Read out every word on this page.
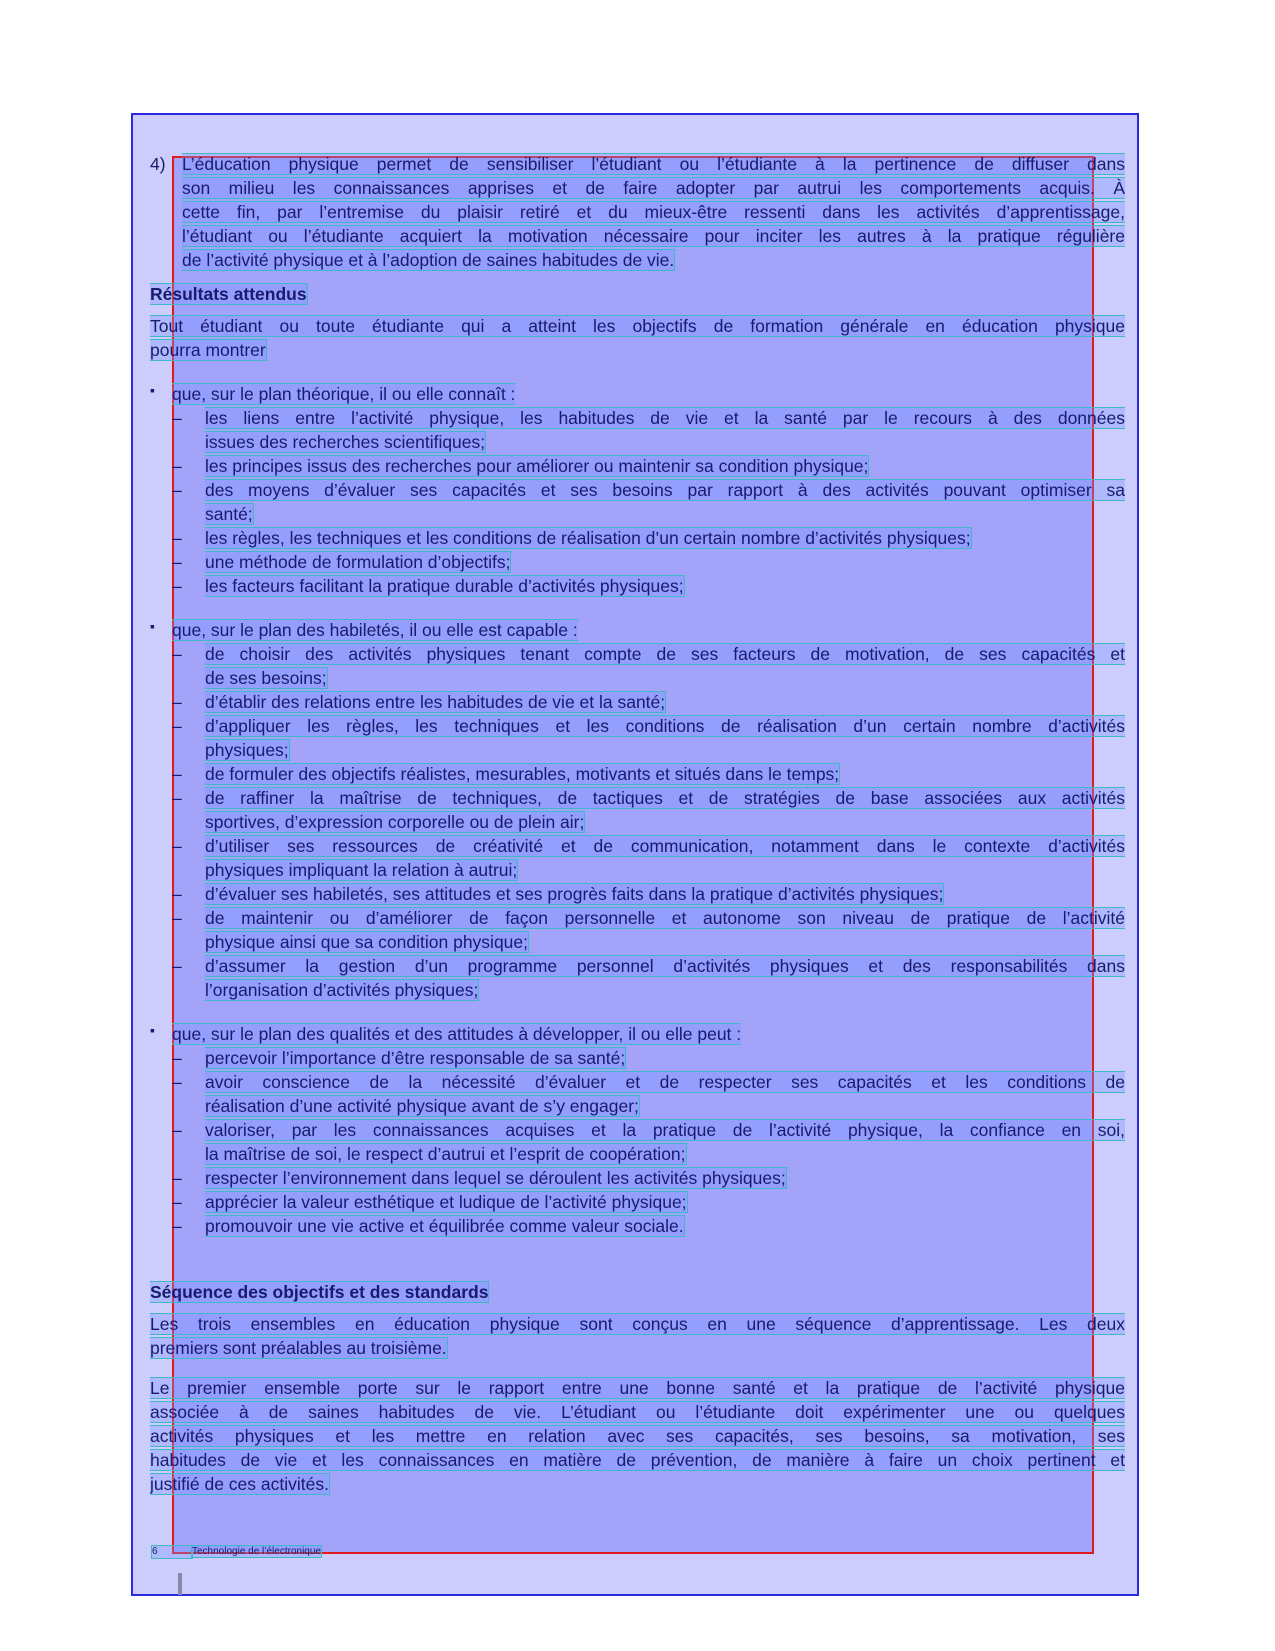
4) L’éducation physique permet de sensibiliser l’étudiant ou l’étudiante à la pertinence de diffuser dans
son milieu les connaissances apprises et de faire adopter par autrui les comportements acquis. À
cette fin, par l’entremise du plaisir retiré et du mieux-être ressenti dans les activités d’apprentissage,
l’étudiant ou l’étudiante acquiert la motivation nécessaire pour inciter les autres à la pratique régulière
de l’activité physique et à l’adoption de saines habitudes de vie.
Résultats attendus
Tout étudiant ou toute étudiante qui a atteint les objectifs de formation générale en éducation physique
pourra montrer
▪ que, sur le plan théorique, il ou elle connaît :
–	les liens entre l’activité physique, les habitudes de vie et la santé par le recours à des données
issues des recherches scientifiques;
–	les principes issus des recherches pour améliorer ou maintenir sa condition physique;
–	des moyens d’évaluer ses capacités et ses besoins par rapport à des activités pouvant optimiser sa
santé;
–	les règles, les techniques et les conditions de réalisation d’un certain nombre d’activités physiques;
–	une méthode de formulation d’objectifs;
–	les facteurs facilitant la pratique durable d’activités physiques;
▪ que, sur le plan des habiletés, il ou elle est capable :
–	de choisir des activités physiques tenant compte de ses facteurs de motivation, de ses capacités et
de ses besoins;
–	d’établir des relations entre les habitudes de vie et la santé;
–	d’appliquer les règles, les techniques et les conditions de réalisation d’un certain nombre d’activités
physiques;
–	de formuler des objectifs réalistes, mesurables, motivants et situés dans le temps;
–	de raffiner la maîtrise de techniques, de tactiques et de stratégies de base associées aux activités
sportives, d’expression corporelle ou de plein air;
–	d’utiliser ses ressources de créativité et de communication, notamment dans le contexte d’activités
physiques impliquant la relation à autrui;
–	d’évaluer ses habiletés, ses attitudes et ses progrès faits dans la pratique d’activités physiques;
–	de maintenir ou d’améliorer de façon personnelle et autonome son niveau de pratique de l’activité
physique ainsi que sa condition physique;
–	d’assumer la gestion d’un programme personnel d’activités physiques et des responsabilités dans
l’organisation d’activités physiques;
▪ que, sur le plan des qualités et des attitudes à développer, il ou elle peut :
–	percevoir l’importance d’être responsable de sa santé;
–	avoir conscience de la nécessité d’évaluer et de respecter ses capacités et les conditions de
réalisation d’une activité physique avant de s’y engager;
–	valoriser, par les connaissances acquises et la pratique de l’activité physique, la confiance en soi,
la maîtrise de soi, le respect d’autrui et l’esprit de coopération;
–	respecter l’environnement dans lequel se déroulent les activités physiques;
–	apprécier la valeur esthétique et ludique de l’activité physique;
–	promouvoir une vie active et équilibrée comme valeur sociale.
Séquence des objectifs et des standards
Les trois ensembles en éducation physique sont conçus en une séquence d’apprentissage. Les deux
premiers sont préalables au troisième.
Le premier ensemble porte sur le rapport entre une bonne santé et la pratique de l’activité physique
associée à de saines habitudes de vie. L’étudiant ou l’étudiante doit expérimenter une ou quelques
activités physiques et les mettre en relation avec ses capacités, ses besoins, sa motivation, ses
habitudes de vie et les connaissances en matière de prévention, de manière à faire un choix pertinent et
justifié de ces activités.
6	Technologie de l’électronique
